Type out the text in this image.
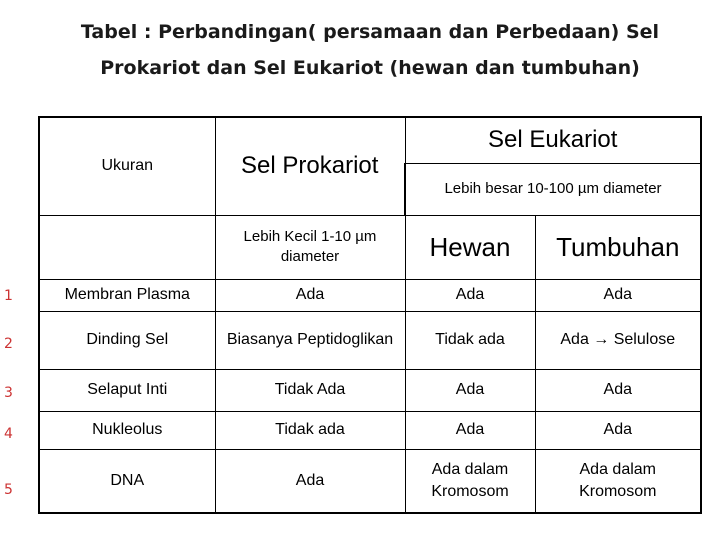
Tabel : Perbandingan( persamaan dan Perbedaan) Sel
Prokariot dan Sel Eukariot (hewan dan tumbuhan)
Ukuran	Sel Prokariot	Sel Eukariot	
		Lebih besar 10-100 µm diameter	
	Lebih Kecil 1-10 µm diameter	Hewan	Tumbuhan
Membran Plasma	Ada	Ada	Ada
Dinding Sel	Biasanya Peptidoglikan	Tidak ada	Ada → Selulose
Selaput Inti	Tidak Ada	Ada	Ada
Nukleolus	Tidak ada	Ada	Ada
DNA	Ada	Ada dalam Kromosom	Ada dalam Kromosom
1
2
3
4
5
